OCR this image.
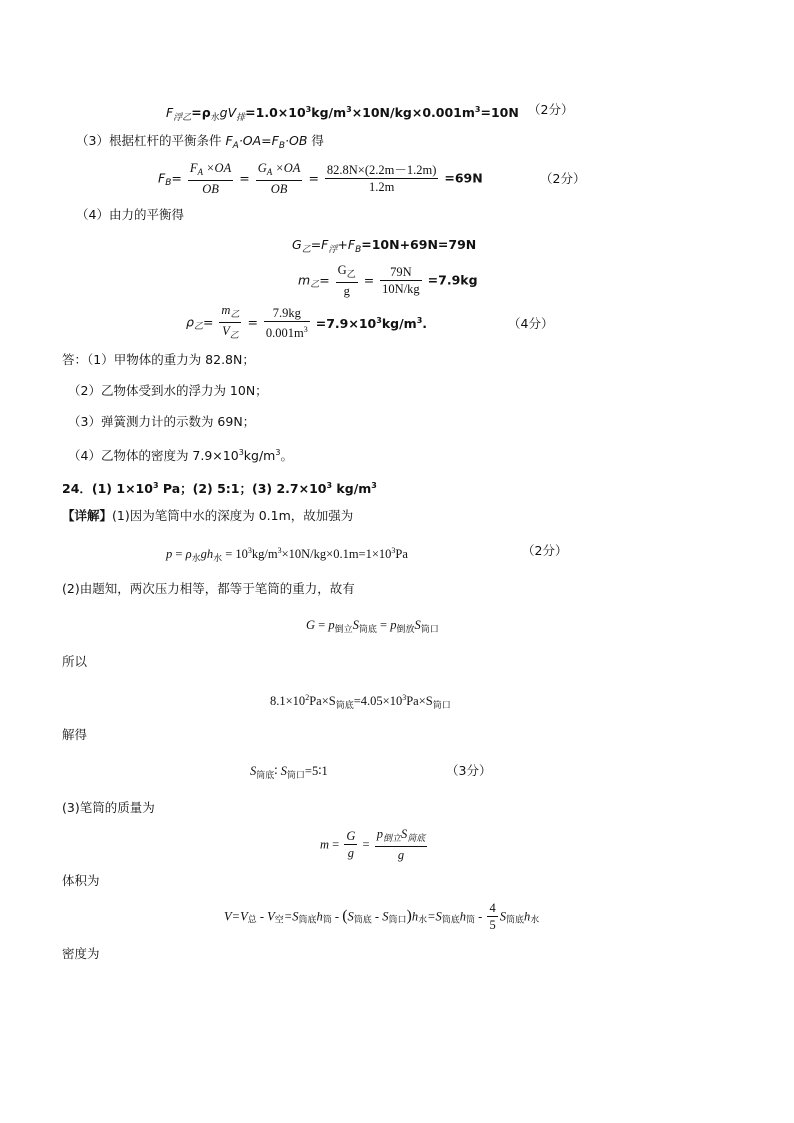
$F_{浮乙}=\rho_水gV_排=1.0\times 10^3kg/m^3\times 10N/kg\times 0.001m^3=10N$ （2分）
（3）根据杠杆的平衡条件 $F_A\cdot OA=F_B\cdot OB$ 得
$F_B= \frac{F_A \times OA}{OB} = \frac{G_A \times OA}{OB} = \frac{82.8N\times(2.2m-1.2m)}{1.2m} =69N$	（2分）
（4）由力的平衡得
$G_乙=F_浮+F_B=10N+69N=79N$
$m_乙= \frac{G_乙}{g} = \frac{79N}{10N/kg} =7.9kg$
$\rho_乙= \frac{m_乙}{V_乙} = \frac{7.9kg}{0.001m^3} =7.9\times 10^3kg/m^3$.	（4分）
答：（1）甲物体的重力为 82.8N；
（2）乙物体受到水的浮力为 10N；
（3）弹簧测力计的示数为 69N；
（4）乙物体的密度为 $7.9\times 10^3kg/m^3$。
24．(1) $1\times 10^3$ Pa；(2) 5:1；(3) $2.7\times 10^3$ $kg/m^3$
【详解】(1)因为笔筒中水的深度为 0.1m，故加强为
$p = \rho_水gh_水 = 10^3kg/m^3\times 10N/kg\times 0.1m=1\times 10^3Pa$	（2分）
(2)由题知，两次压力相等，都等于笔筒的重力，故有
$G = p_{倒立}S_{筒底} = p_{倒放}S_{筒口}$
所以
$8.1\times 10^2Pa\times S_{筒底}=4.05\times 10^3Pa\times S_{筒口}$
解得
$S_{筒底}∶$ $S_{筒口}=5∶1$	（3分）
(3)笔筒的质量为
$m = \frac{G}{g} = \frac{p_{倒立}S_{筒底}}{g}$
体积为
$V=V_总 - V_空=S_{筒底}h_筒 - (S_{筒底} - S_{筒口})h_水=S_{筒底}h_筒 - \frac{4}{5} S_{筒底}h_水$
密度为
